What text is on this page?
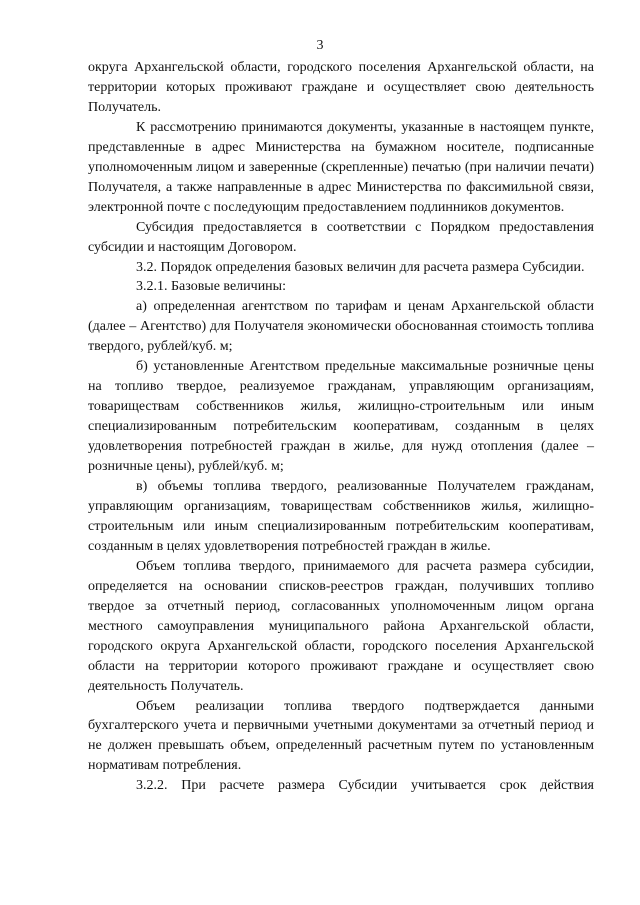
3

округа Архангельской области, городского поселения Архангельской области, на территории которых проживают граждане и осуществляет свою деятельность Получатель.

К рассмотрению принимаются документы, указанные в настоящем пункте, представленные в адрес Министерства на бумажном носителе, подписанные уполномоченным лицом и заверенные (скрепленные) печатью (при наличии печати) Получателя, а также направленные в адрес Министерства по факсимильной связи, электронной почте с последующим предоставлением подлинников документов.

Субсидия предоставляется в соответствии с Порядком предоставления субсидии и настоящим Договором.

3.2. Порядок определения базовых величин для расчета размера Субсидии.

3.2.1. Базовые величины:

а) определенная агентством по тарифам и ценам Архангельской области (далее – Агентство) для Получателя экономически обоснованная стоимость топлива твердого, рублей/куб. м;

б) установленные Агентством предельные максимальные розничные цены на топливо твердое, реализуемое гражданам, управляющим организациям, товариществам собственников жилья, жилищно-строительным или иным специализированным потребительским кооперативам, созданным в целях удовлетворения потребностей граждан в жилье, для нужд отопления (далее – розничные цены), рублей/куб. м;

в) объемы топлива твердого, реализованные Получателем гражданам, управляющим организациям, товариществам собственников жилья, жилищно-строительным или иным специализированным потребительским кооперативам, созданным в целях удовлетворения потребностей граждан в жилье.

Объем топлива твердого, принимаемого для расчета размера субсидии, определяется на основании списков-реестров граждан, получивших топливо твердое за отчетный период, согласованных уполномоченным лицом органа местного самоуправления муниципального района Архангельской области, городского округа Архангельской области, городского поселения Архангельской области на территории которого проживают граждане и осуществляет свою деятельность Получатель.

Объем реализации топлива твердого подтверждается данными бухгалтерского учета и первичными учетными документами за отчетный период и не должен превышать объем, определенный расчетным путем по установленным нормативам потребления.

3.2.2. При расчете размера Субсидии учитывается срок действия
